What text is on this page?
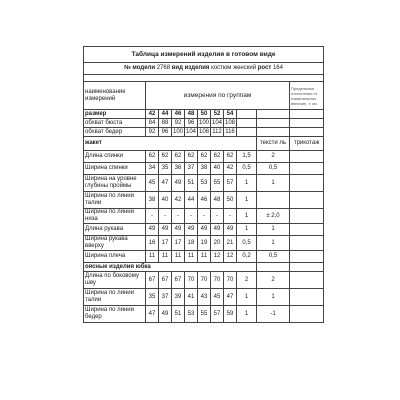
Таблица измерений изделия в готовом виде										
№ модели 2768 вид изделия костюм женский рост 164										

наименование измерений	измерения по группам									Предельные отклонения от номинальных величин, ± см.
размер	42	44	46	48	50	52	54			
обхват бюста	84	88	92	96	100	104	108			
обхват бедер	92	96	100	104	108	112	116			
жакет									тексти ль	трикотаж
Длина спинки	62	62	62	62	62	62	62	1,5	2	
Ширина спинки	34	35	36	37	38	40	42	0,5	0,5	
Ширина на уровне глубины проймы	45	47	49	51	53	55	57	1	1	
Ширина по линии талии	38	40	42	44	46	48	50	1		
Ширина по линии низа	-	-	-	-	-	-	-	1	± 2,0	
Длина рукава	49	49	49	49	49	49	49	1	1	
Ширина рукава вверху	16	17	17	18	19	20	21	0,5	1	
Ширина плеча	11	11	11	11	11	12	12	0,2	0,5	
оясные изделия юбка										
Длина по боковому шву	67	67	67	70	70	70	70	2	2	
Ширина по линии талии	35	37	39	41	43	45	47	1	1	
Ширина по линии бедер	47	49	51	53	55	57	59	1	-1	
